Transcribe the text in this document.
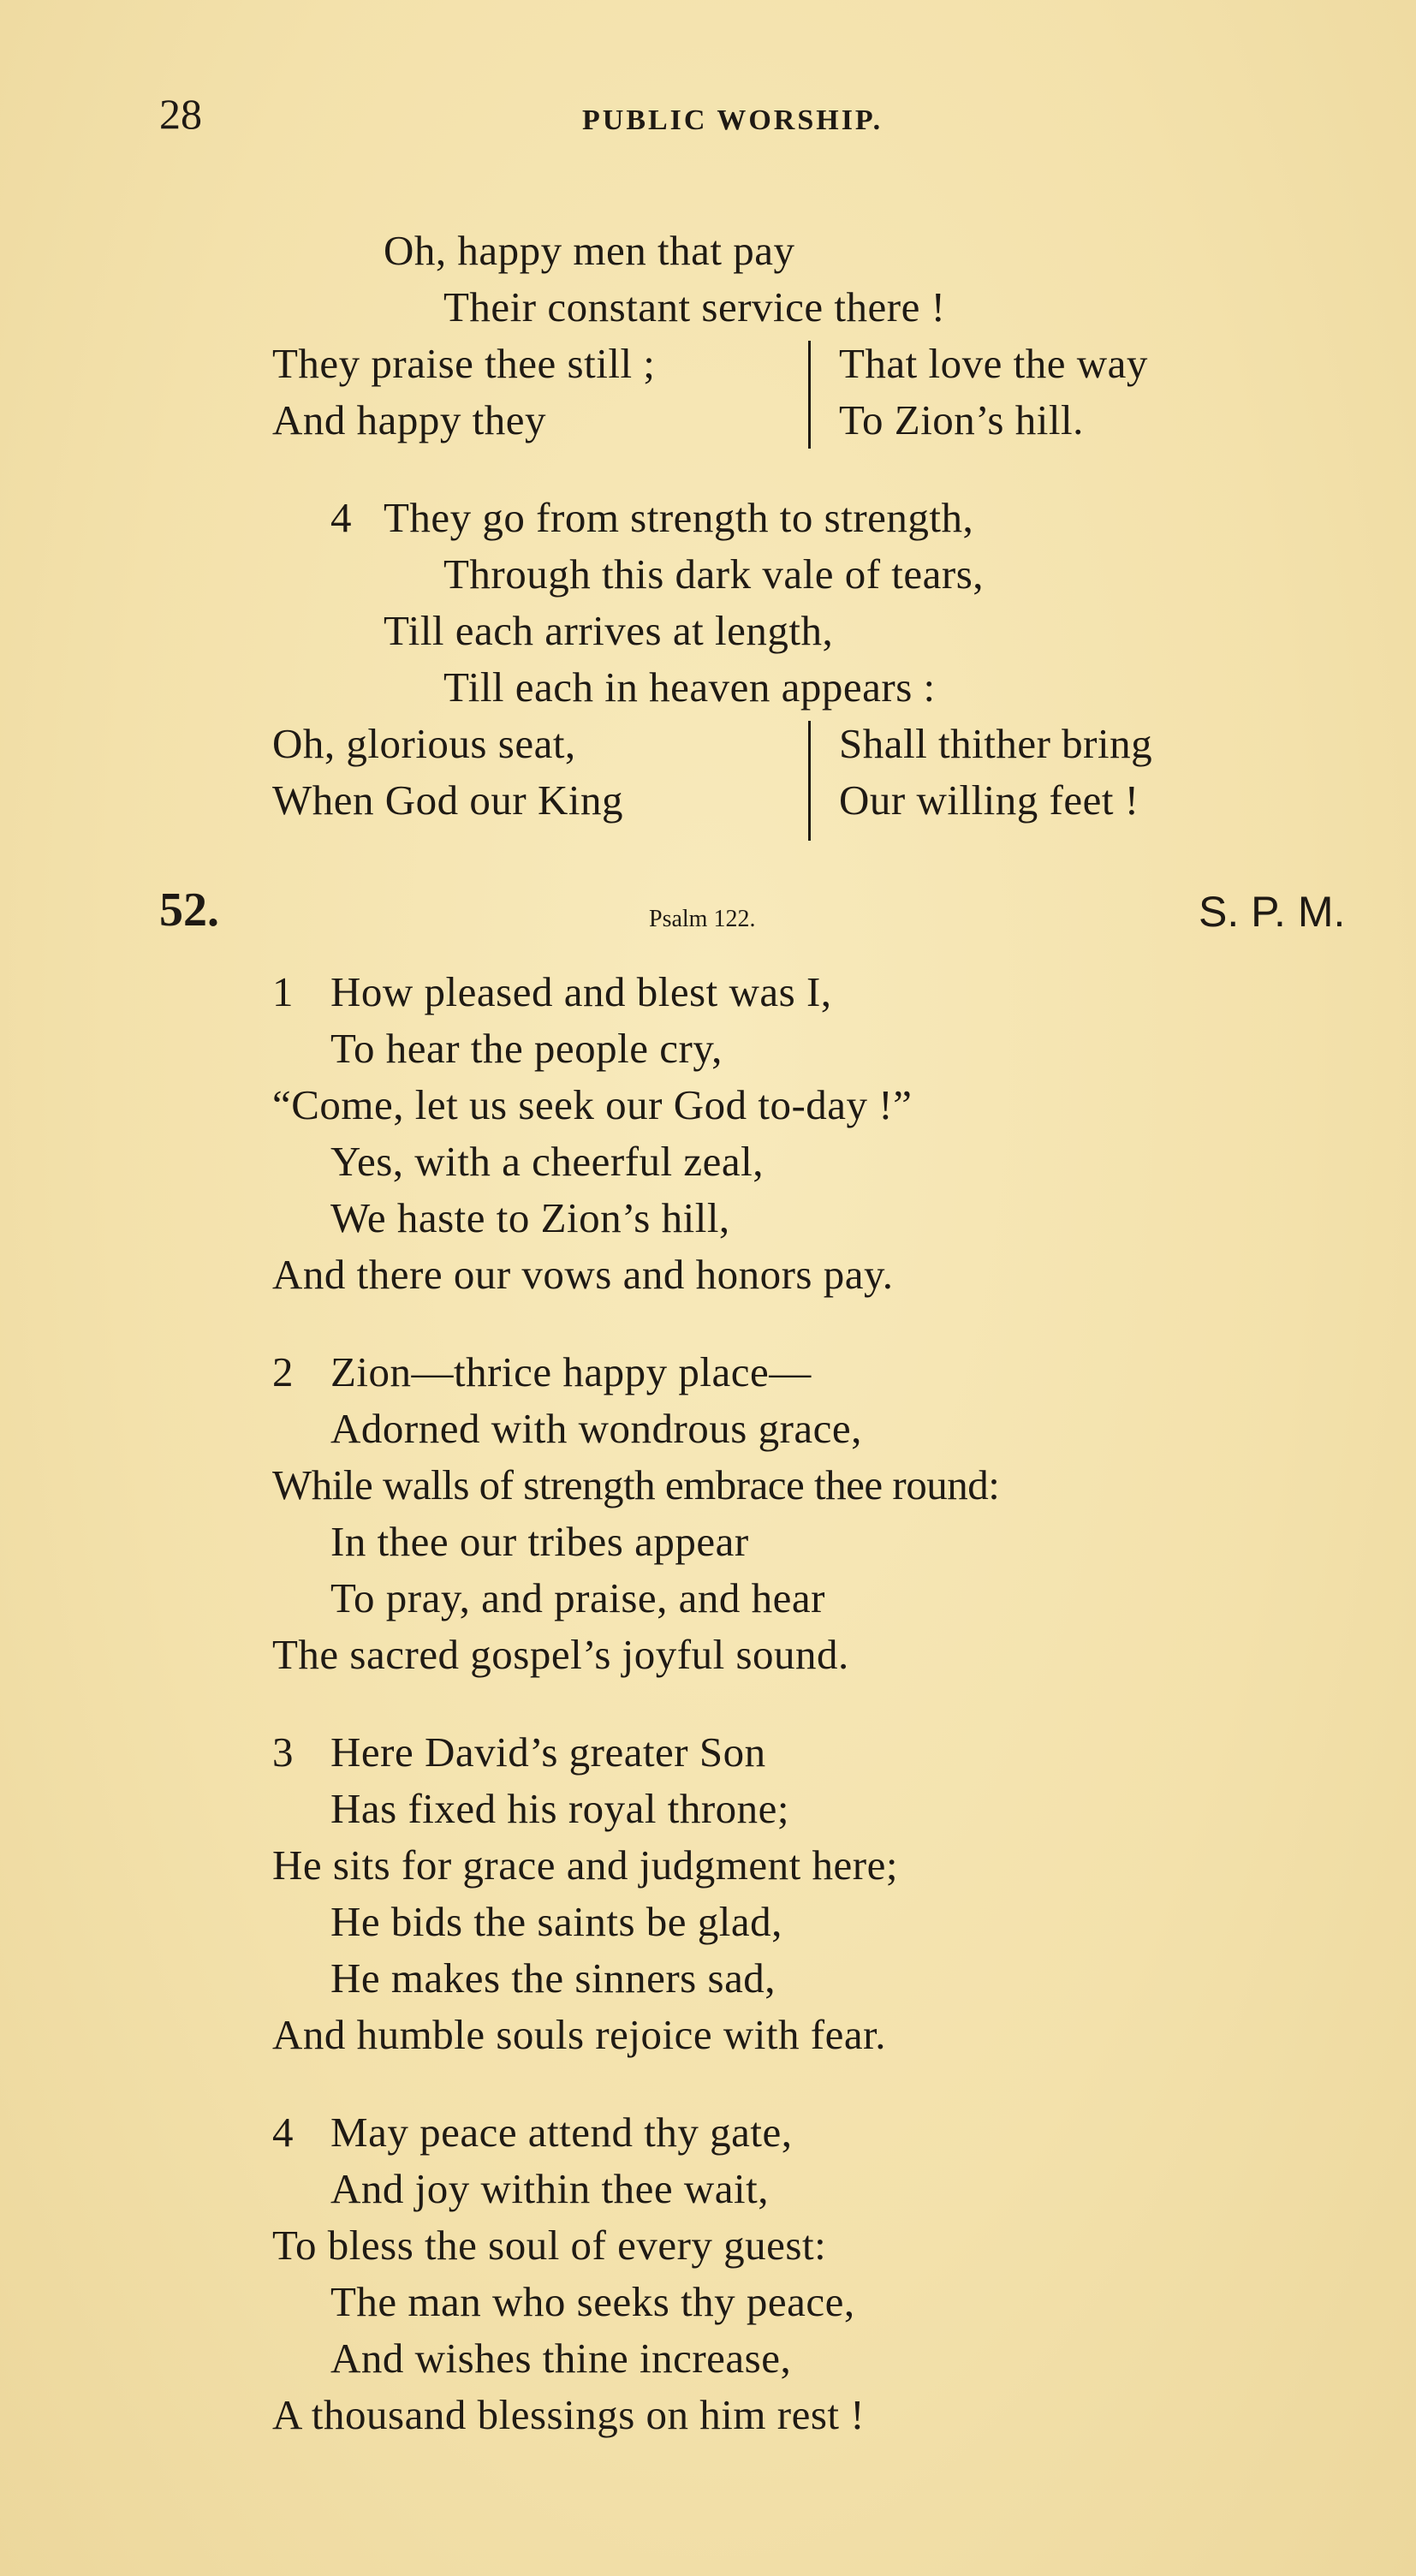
28	PUBLIC WORSHIP.
Oh, happy men that pay
Their constant service there !
They praise thee still ;
And happy they
That love the way
To Zion’s hill.
4 They go from strength to strength,
Through this dark vale of tears,
Till each arrives at length,
Till each in heaven appears :
Oh, glorious seat,
When God our King
Shall thither bring
Our willing feet !
52.	Psalm 122.	S. P. M.
1 How pleased and blest was I,
To hear the people cry,
“Come, let us seek our God to-day !”
Yes, with a cheerful zeal,
We haste to Zion’s hill,
And there our vows and honors pay.
2 Zion—thrice happy place—
Adorned with wondrous grace,
While walls of strength embrace thee round:
In thee our tribes appear
To pray, and praise, and hear
The sacred gospel’s joyful sound.
3 Here David’s greater Son
Has fixed his royal throne;
He sits for grace and judgment here;
He bids the saints be glad,
He makes the sinners sad,
And humble souls rejoice with fear.
4 May peace attend thy gate,
And joy within thee wait,
To bless the soul of every guest:
The man who seeks thy peace,
And wishes thine increase,
A thousand blessings on him rest !
